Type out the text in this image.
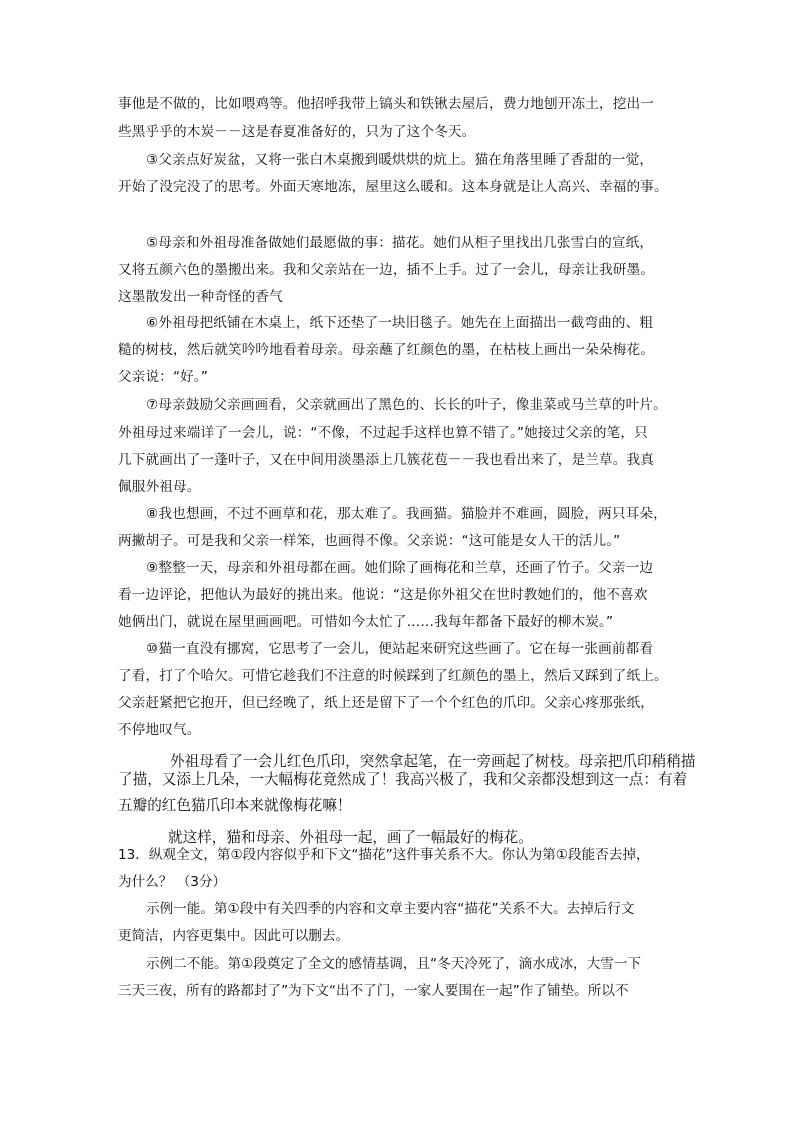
事他是不做的，比如喂鸡等。他招呼我带上镐头和铁锹去屋后，费力地刨开冻土，挖出一
些黑乎乎的木炭－－这是春夏准备好的，只为了这个冬天。
③父亲点好炭盆，又将一张白木桌搬到暖烘烘的炕上。猫在角落里睡了香甜的一觉，
开始了没完没了的思考。外面天寒地冻，屋里这么暖和。这本身就是让人高兴、幸福的事。
⑤母亲和外祖母准备做她们最愿做的事：描花。她们从柜子里找出几张雪白的宣纸，
又将五颜六色的墨搬出来。我和父亲站在一边，插不上手。过了一会儿，母亲让我研墨。
这墨散发出一种奇怪的香气
⑥外祖母把纸铺在木桌上，纸下还垫了一块旧毯子。她先在上面描出一截弯曲的、粗
糙的树枝，然后就笑吟吟地看着母亲。母亲蘸了红颜色的墨，在枯枝上画出一朵朵梅花。
父亲说：“好。”
⑦母亲鼓励父亲画画看，父亲就画出了黑色的、长长的叶子，像韭菜或马兰草的叶片。
外祖母过来端详了一会儿，说：“不像，不过起手这样也算不错了。”她接过父亲的笔，只
几下就画出了一蓬叶子，又在中间用淡墨添上几簇花苞－－我也看出来了，是兰草。我真
佩服外祖母。
⑧我也想画，不过不画草和花，那太难了。我画猫。猫脸并不难画，圆脸，两只耳朵，
两撇胡子。可是我和父亲一样笨，也画得不像。父亲说：“这可能是女人干的活儿。”
⑨整整一天，母亲和外祖母都在画。她们除了画梅花和兰草，还画了竹子。父亲一边
看一边评论，把他认为最好的挑出来。他说：“这是你外祖父在世时教她们的，他不喜欢
她俩出门，就说在屋里画画吧。可惜如今太忙了……我每年都备下最好的柳木炭。”
⑩猫一直没有挪窝，它思考了一会儿，便站起来研究这些画了。它在每一张画前都看
了看，打了个哈欠。可惜它趁我们不注意的时候踩到了红颜色的墨上，然后又踩到了纸上。
父亲赶紧把它抱开，但已经晚了，纸上还是留下了一个个红色的爪印。父亲心疼那张纸，
不停地叹气。
外祖母看了一会儿红色爪印，突然拿起笔，在一旁画起了树枝。母亲把爪印稍稍描
了描，又添上几朵，一大幅梅花竟然成了！我高兴极了，我和父亲都没想到这一点：有着
五瓣的红色猫爪印本来就像梅花嘛！
就这样，猫和母亲、外祖母一起，画了一幅最好的梅花。
13．纵观全文，第①段内容似乎和下文“描花”这件事关系不大。你认为第①段能否去掉，
为什么？ （3分）
示例一能。第①段中有关四季的内容和文章主要内容“描花”关系不大。去掉后行文
更简洁，内容更集中。因此可以删去。
示例二不能。第①段奠定了全文的感情基调，且“冬天冷死了，滴水成冰，大雪一下
三天三夜，所有的路都封了”为下文“出不了门，一家人要围在一起”作了铺垫。所以不
